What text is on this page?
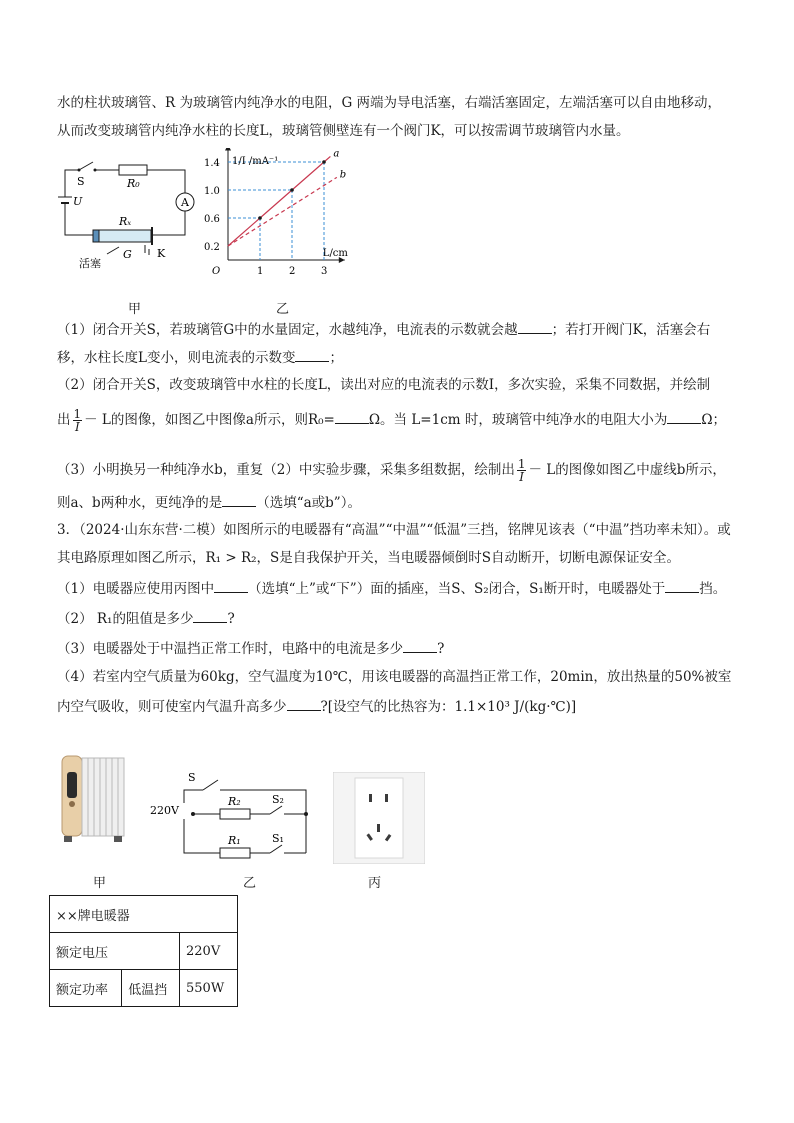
水的柱状玻璃管、R 为玻璃管内纯净水的电阻，G 两端为导电活塞，右端活塞固定，左端活塞可以自由地移动，
从而改变玻璃管内纯净水柱的长度L，玻璃管侧壁连有一个阀门K，可以按需调节玻璃管内水量。
S	R₀
A
U
Rₓ
G K
活塞
甲
1	2	3
0.2
0.6
1.0
1.4
O
1/I /mA⁻¹
L/cm
a
b
乙
（1）闭合开关S，若玻璃管G中的水量固定，水越纯净，电流表的示数就会越	；若打开阀门K，活塞会右
移，水柱长度L变小，则电流表的示数变	；
（2）闭合开关S，改变玻璃管中水柱的长度L，读出对应的电流表的示数I，多次实验，采集不同数据，并绘制
出 $\frac{1}{I} - L$的图像，如图乙中图像a所示，则R₀=	Ω。当 L=1cm 时，玻璃管中纯净水的电阻大小为	Ω；
（3）小明换另一种纯净水b，重复（2）中实验步骤，采集多组数据，绘制出 $\frac{1}{I} - L$的图像如图乙中虚线b所示，
则a、b两种水，更纯净的是	（选填“a或b”）。
3．（2024·山东东营·二模）如图所示的电暖器有“高温”“中温”“低温”三挡，铭牌见该表（“中温”挡功率未知）。或
其电路原理如图乙所示，R₁ > R₂，S是自我保护开关，当电暖器倾倒时S自动断开，切断电源保证安全。
（1）电暖器应使用丙图中	（选填“上”或“下”）面的插座，当S、S₂闭合，S₁断开时，电暖器处于	挡。
（2） R₁的阻值是多少	?
（3）电暖器处于中温挡正常工作时，电路中的电流是多少	?
（4）若室内空气质量为60kg，空气温度为10℃，用该电暖器的高温挡正常工作，20min，放出热量的50%被室
内空气吸收，则可使室内气温升高多少	?[设空气的比热容为：1.1×10³ J/(kg·℃)]
甲
S
220V
R₂	S₂
R₁	S₁
乙	丙
××牌电暖器		
额定电压		220V
额定功率	低温挡	550W
